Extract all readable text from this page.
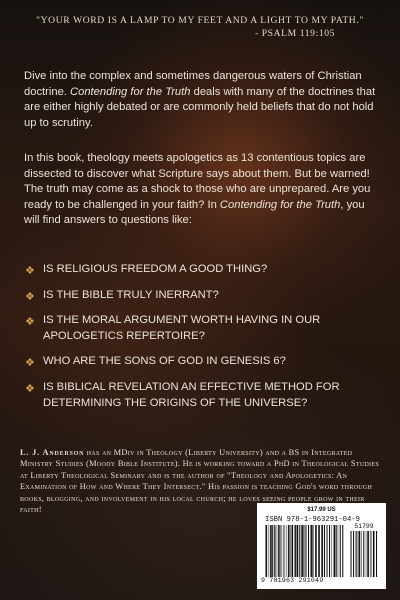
"YOUR WORD IS A LAMP TO MY FEET AND A LIGHT TO MY PATH."
- PSALM 119:105
Dive into the complex and sometimes dangerous waters of Christian doctrine. Contending for the Truth deals with many of the doctrines that are either highly debated or are commonly held beliefs that do not hold up to scrutiny.
In this book, theology meets apologetics as 13 contentious topics are dissected to discover what Scripture says about them. But be warned! The truth may come as a shock to those who are unprepared. Are you ready to be challenged in your faith? In Contending for the Truth, you will find answers to questions like:
❖ IS RELIGIOUS FREEDOM A GOOD THING?
❖ IS THE BIBLE TRULY INERRANT?
❖ IS THE MORAL ARGUMENT WORTH HAVING IN OUR APOLOGETICS REPERTOIRE?
❖ WHO ARE THE SONS OF GOD IN GENESIS 6?
❖ IS BIBLICAL REVELATION AN EFFECTIVE METHOD FOR DETERMINING THE ORIGINS OF THE UNIVERSE?
L. J. Anderson has an MDiv in Theology (Liberty University) and a BS in Integrated Ministry Studies (Moody Bible Institute). He is working toward a PhD in Theological Studies at Liberty Theological Seminary and is the author of "Theology and Apologetics: An Examination of How and Where They Intersect." His passion is teaching God's word through books, blogging, and involvement in his local church; he loves seeing people grow in their faith!	$17.99 US
ISBN 978-1-963291-04-9
51799
9 781963 291049
